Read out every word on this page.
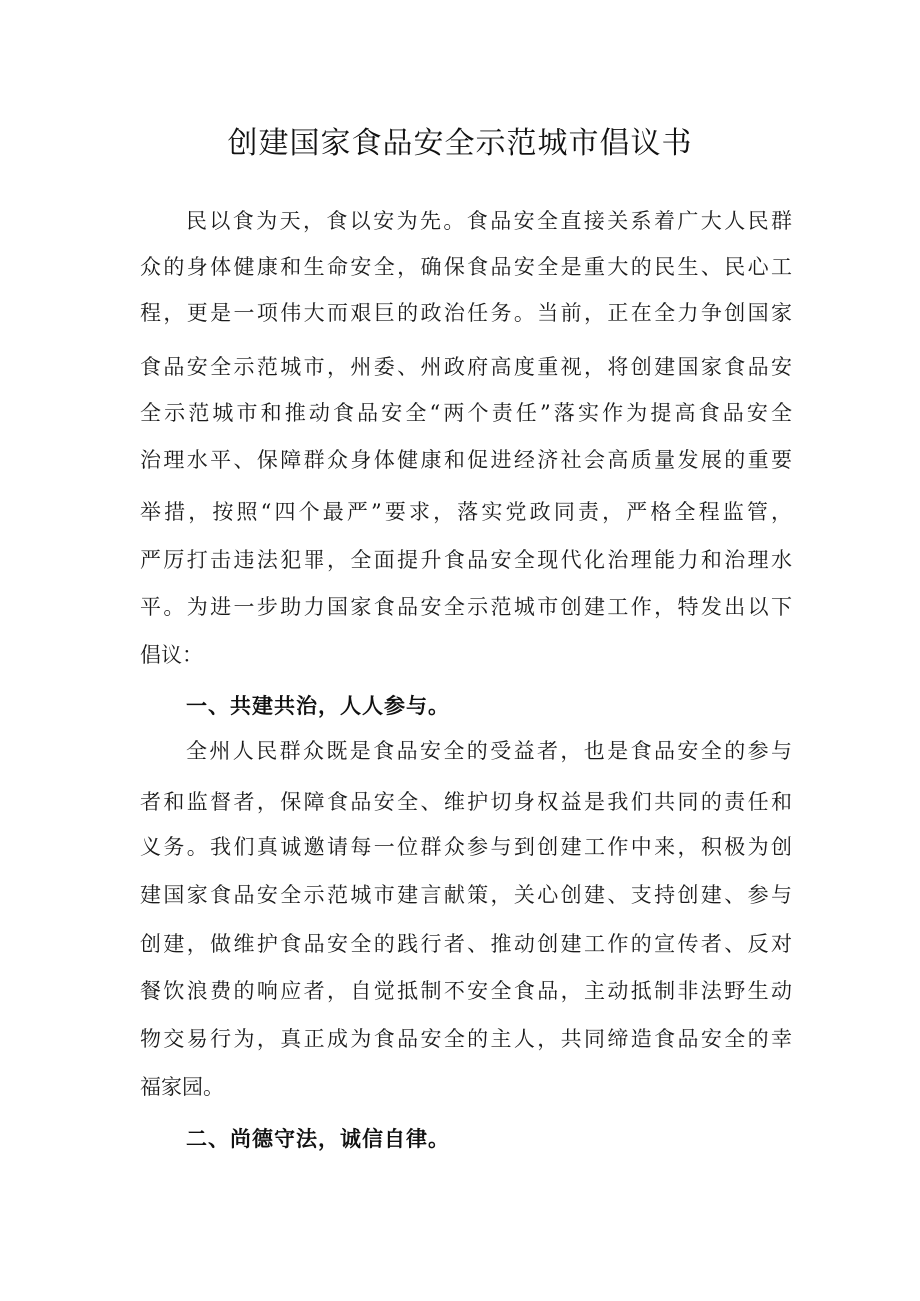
创建国家食品安全示范城市倡议书
民以食为天，食以安为先。食品安全直接关系着广大人民群
众的身体健康和生命安全，确保食品安全是重大的民生、民心工
程，更是一项伟大而艰巨的政治任务。当前，正在全力争创国家
食品安全示范城市，州委、州政府高度重视，将创建国家食品安
全示范城市和推动食品安全“两个责任”落实作为提高食品安全
治理水平、保障群众身体健康和促进经济社会高质量发展的重要
举措，按照“四个最严”要求，落实党政同责，严格全程监管，
严厉打击违法犯罪，全面提升食品安全现代化治理能力和治理水
平。为进一步助力国家食品安全示范城市创建工作，特发出以下
倡议：
一、共建共治，人人参与。
全州人民群众既是食品安全的受益者，也是食品安全的参与
者和监督者，保障食品安全、维护切身权益是我们共同的责任和
义务。我们真诚邀请每一位群众参与到创建工作中来，积极为创
建国家食品安全示范城市建言献策，关心创建、支持创建、参与
创建，做维护食品安全的践行者、推动创建工作的宣传者、反对
餐饮浪费的响应者，自觉抵制不安全食品，主动抵制非法野生动
物交易行为，真正成为食品安全的主人，共同缔造食品安全的幸
福家园。
二、尚德守法，诚信自律。
